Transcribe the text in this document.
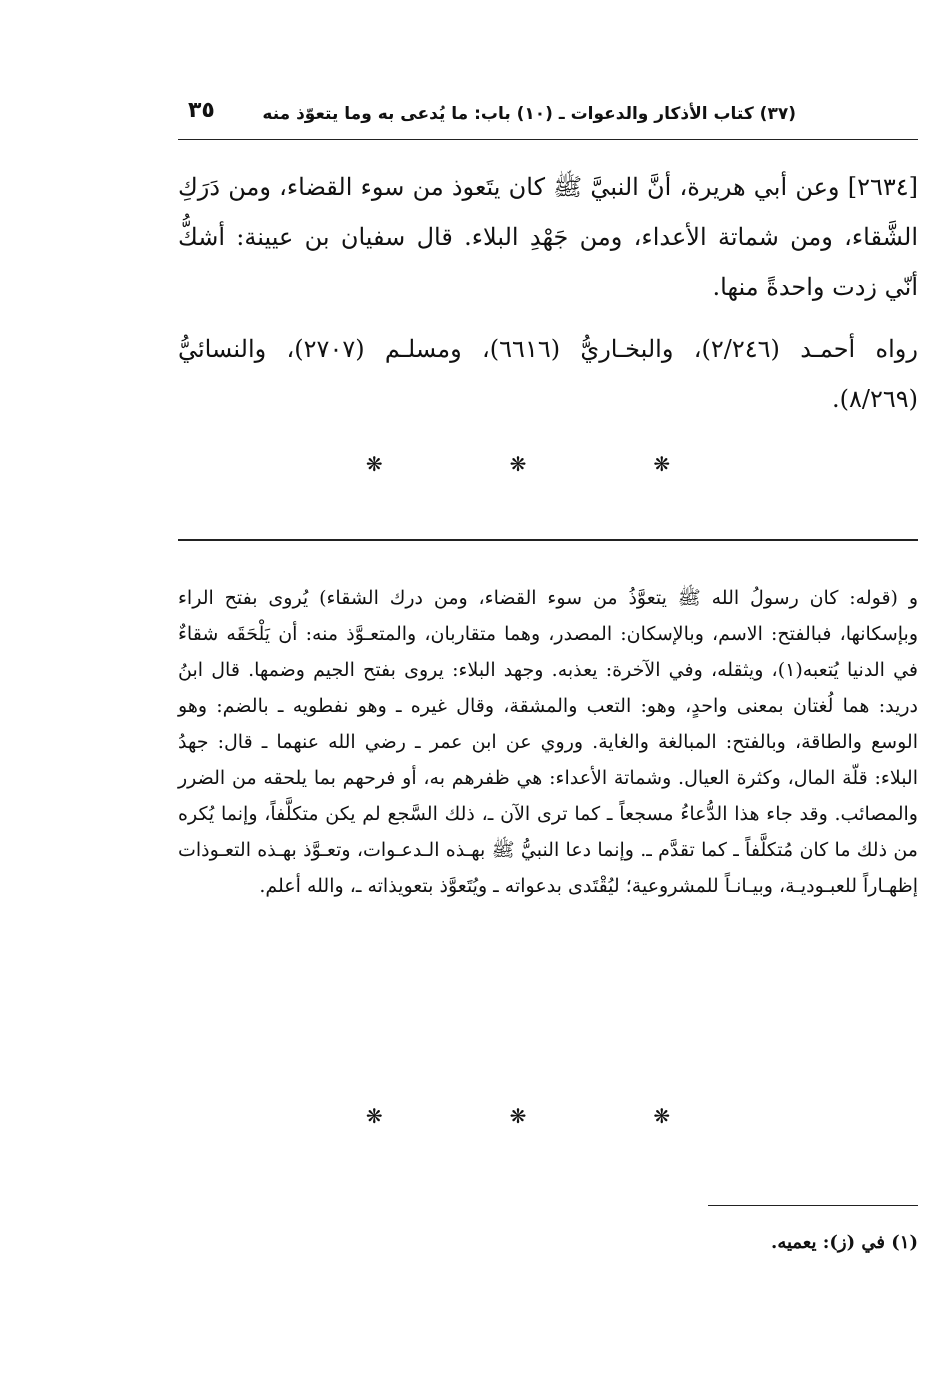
(٣٧) كتاب الأذكار والدعوات ـ (١٠) باب: ما يُدعى به وما يتعوّذ منه
٣٥

[٢٦٣٤] وعن أبي هريرة، أنَّ النبيَّ ﷺ كان يتَعوذ من سوء القضاء، ومن دَرَكِ الشَّقاء، ومن شماتة الأعداء، ومن جَهْدِ البلاء. قال سفيان بن عيينة: أشكُّ أنّي زدت واحدةً منها.

رواه أحمـد (٢/٢٤٦)، والبخـاريُّ (٦٦١٦)، ومسلـم (٢٧٠٧)، والنسائيُّ (٨/٢٦٩).

❋ ❋ ❋

و (قوله: كان رسولُ الله ﷺ يتعوَّذُ من سوء القضاء، ومن درك الشقاء) يُروى بفتح الراء وبإسكانها، فبالفتح: الاسم، وبالإسكان: المصدر، وهما متقاربان، والمتعـوَّذ منه: أن يَلْحَقَه شقاءٌ في الدنيا يُتعبه(١)، ويثقله، وفي الآخرة: يعذبه. وجهد البلاء: يروى بفتح الجيم وضمها. قال ابنُ دريد: هما لُغتان بمعنى واحدٍ، وهو: التعب والمشقة، وقال غيره ـ وهو نفطويه ـ بالضم: وهو الوسع والطاقة، وبالفتح: المبالغة والغاية. وروي عن ابن عمر ـ رضي الله عنهما ـ قال: جهدُ البلاء: قلّة المال، وكثرة العيال. وشماتة الأعداء: هي ظفرهم به، أو فرحهم بما يلحقه من الضرر والمصائب. وقد جاء هذا الدُّعاءُ مسجعاً ـ كما ترى الآن ـ، ذلك السَّجع لم يكن متكلَّفاً، وإنما يُكره من ذلك ما كان مُتكلَّفاً ـ كما تقدَّم ـ. وإنما دعا النبيُّ ﷺ بهـذه الـدعـوات، وتعـوَّذ بهـذه التعـوذات إظهـاراً للعبـوديـة، وبيـانـاً للمشروعية؛ ليُقْتَدى بدعواته ـ ويُتَعوَّذ بتعويذاته ـ، والله أعلم.

❋ ❋ ❋
(١) في (ز): يعميه.
